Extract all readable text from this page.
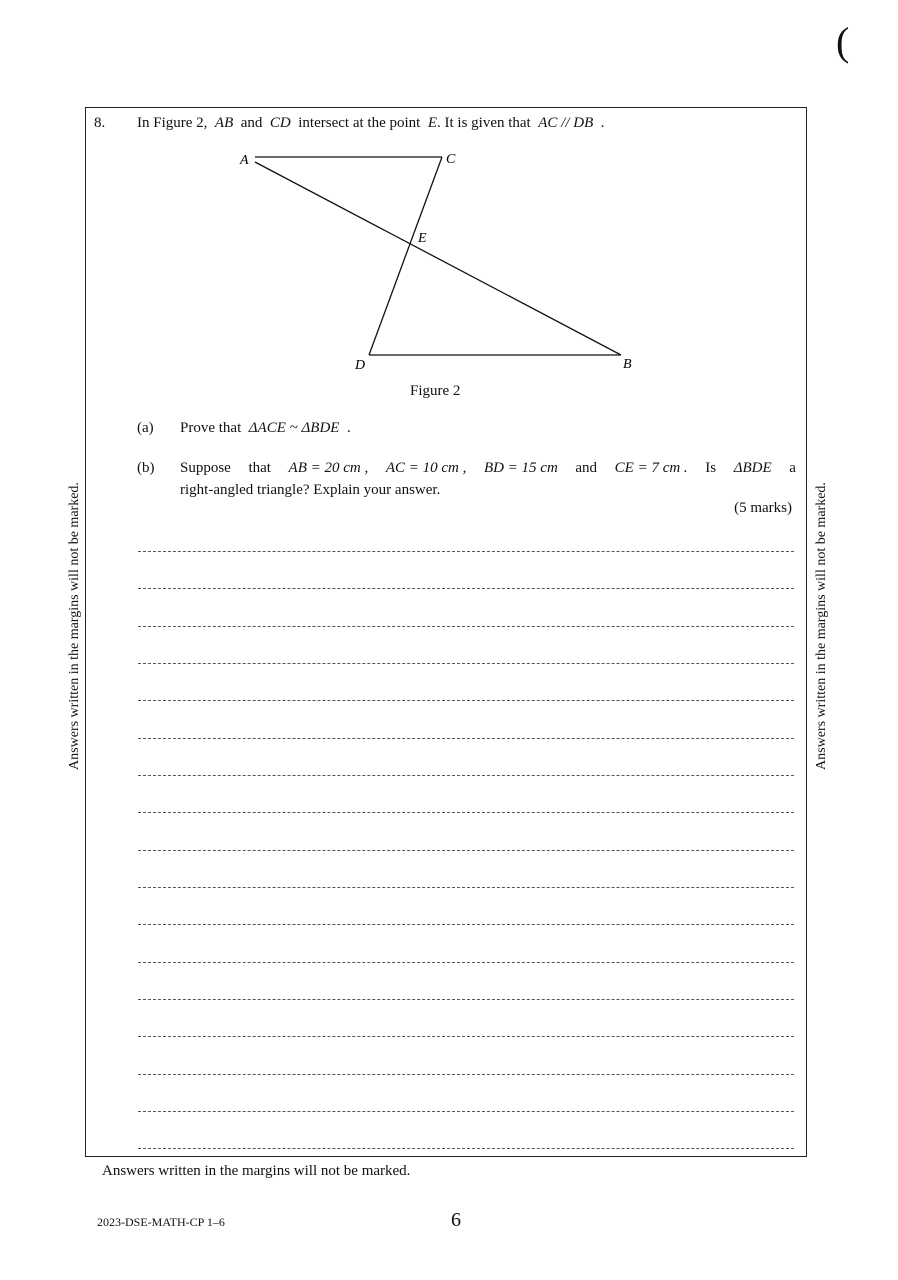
(
Answers written in the margins will not be marked.	Answers written in the margins will not be marked.
8. In Figure 2, AB and CD intersect at the point E. It is given that AC // DB .
A	C
E
D	B
Figure 2
(a) Prove that ΔACE ~ ΔBDE .
(b) Suppose that AB = 20 cm , AC = 10 cm , BD = 15 cm and CE = 7 cm . Is ΔBDE a
right-angled triangle? Explain your answer.
(5 marks)
Answers written in the margins will not be marked.
2023-DSE-MATH-CP 1–6	6
